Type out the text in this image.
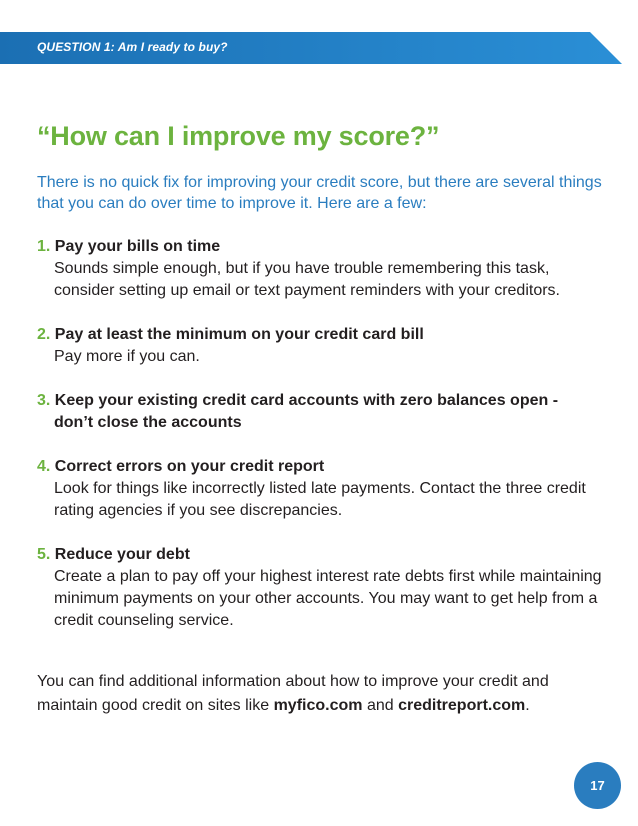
QUESTION 1: Am I ready to buy?
“How can I improve my score?”
There is no quick fix for improving your credit score, but there are several things that you can do over time to improve it. Here are a few:
1. Pay your bills on time
Sounds simple enough, but if you have trouble remembering this task, consider setting up email or text payment reminders with your creditors.
2. Pay at least the minimum on your credit card bill
Pay more if you can.
3. Keep your existing credit card accounts with zero balances open -
don’t close the accounts
4. Correct errors on your credit report
Look for things like incorrectly listed late payments. Contact the three credit rating agencies if you see discrepancies.
5. Reduce your debt
Create a plan to pay off your highest interest rate debts first while maintaining minimum payments on your other accounts. You may want to get help from a credit counseling service.
You can find additional information about how to improve your credit and maintain good credit on sites like myfico.com and creditreport.com.
17
